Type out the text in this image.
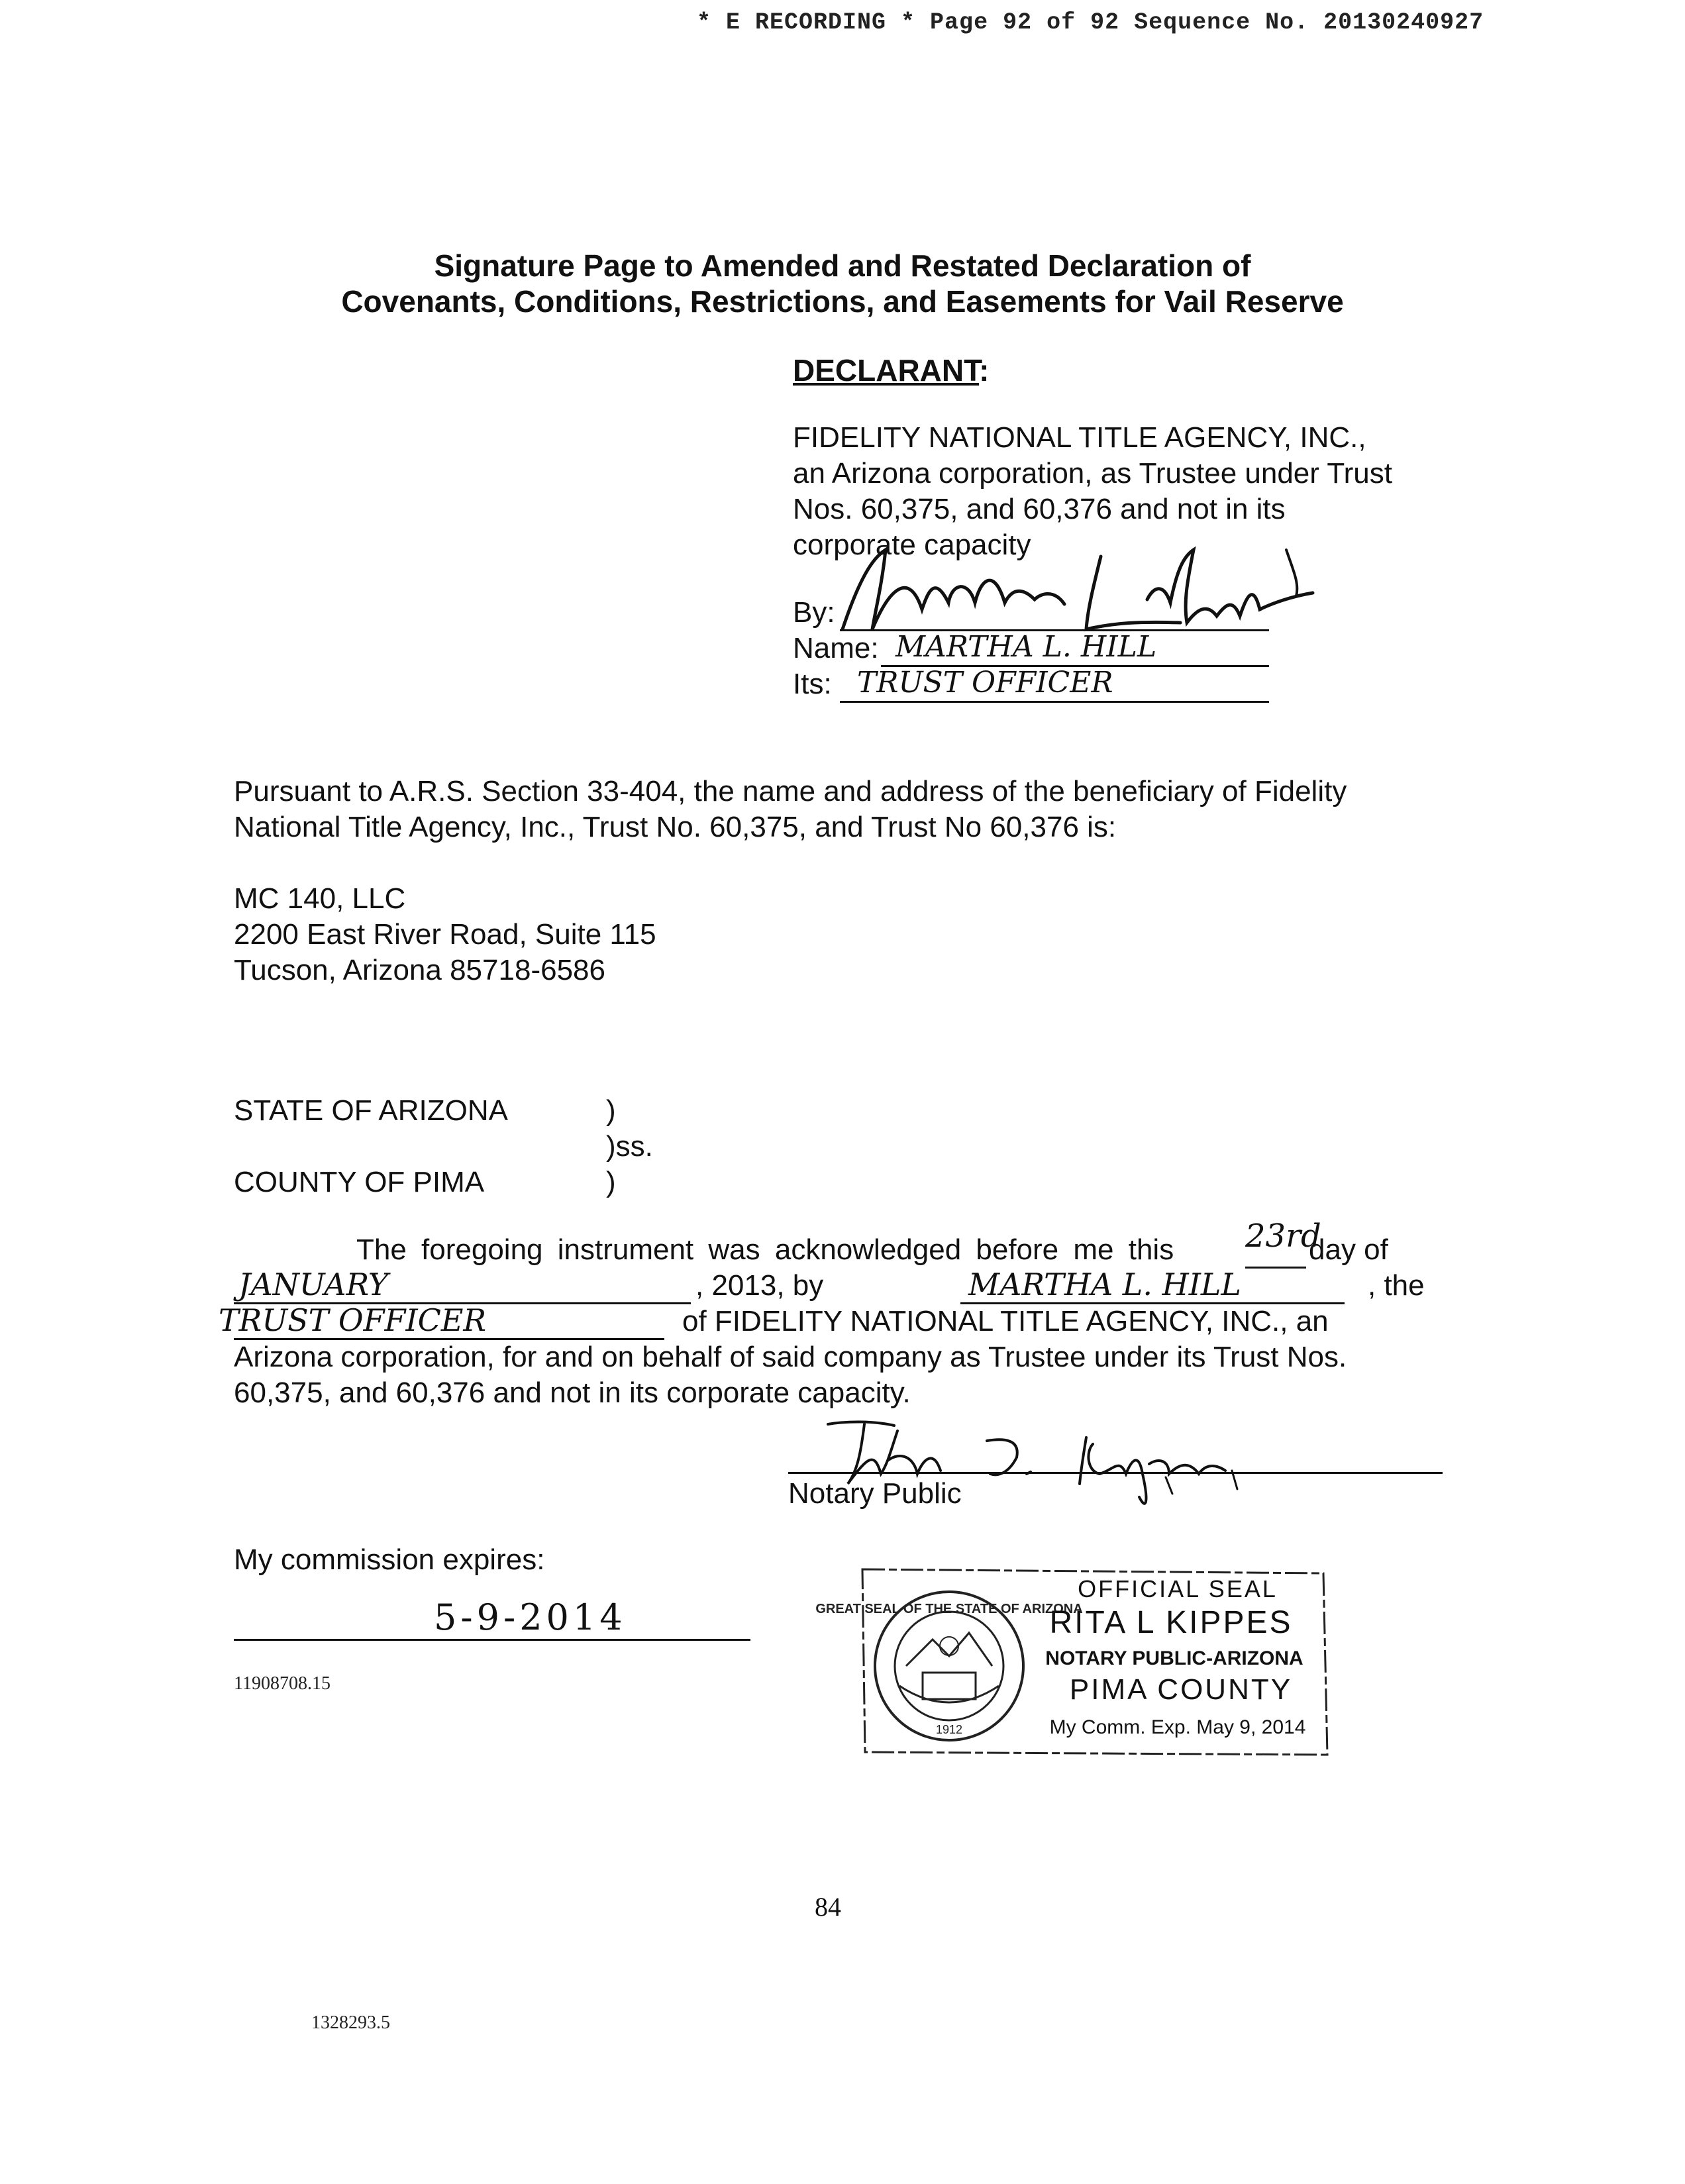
* E RECORDING * Page 92 of 92 Sequence No. 20130240927
Signature Page to Amended and Restated Declaration of
Covenants, Conditions, Restrictions, and Easements for Vail Reserve
DECLARANT:
FIDELITY NATIONAL TITLE AGENCY, INC.,
an Arizona corporation, as Trustee under Trust
Nos. 60,375, and 60,376 and not in its
corporate capacity
By:
Name: MARTHA L. HILL
Its: TRUST OFFICER
Pursuant to A.R.S. Section 33-404, the name and address of the beneficiary of Fidelity
National Title Agency, Inc., Trust No. 60,375, and Trust No 60,376 is:
MC 140, LLC
2200 East River Road, Suite 115
Tucson, Arizona 85718-6586
STATE OF ARIZONA	)
)ss.
COUNTY OF PIMA	)
The foregoing instrument was acknowledged before me this 23rd
day of
JANUARY	, 2013, by	MARTHA L. HILL	, the
TRUST OFFICER	of FIDELITY NATIONAL TITLE AGENCY, INC., an
Arizona corporation, for and on behalf of said company as Trustee under its Trust Nos.
60,375, and 60,376 and not in its corporate capacity.
Notary Public
My commission expires:
5-9-2014
11908708.15
GREAT SEAL OF THE STATE OF ARIZONA
1912
OFFICIAL SEAL
RITA L KIPPES
NOTARY PUBLIC-ARIZONA
PIMA COUNTY
My Comm. Exp. May 9, 2014
84
1328293.5
